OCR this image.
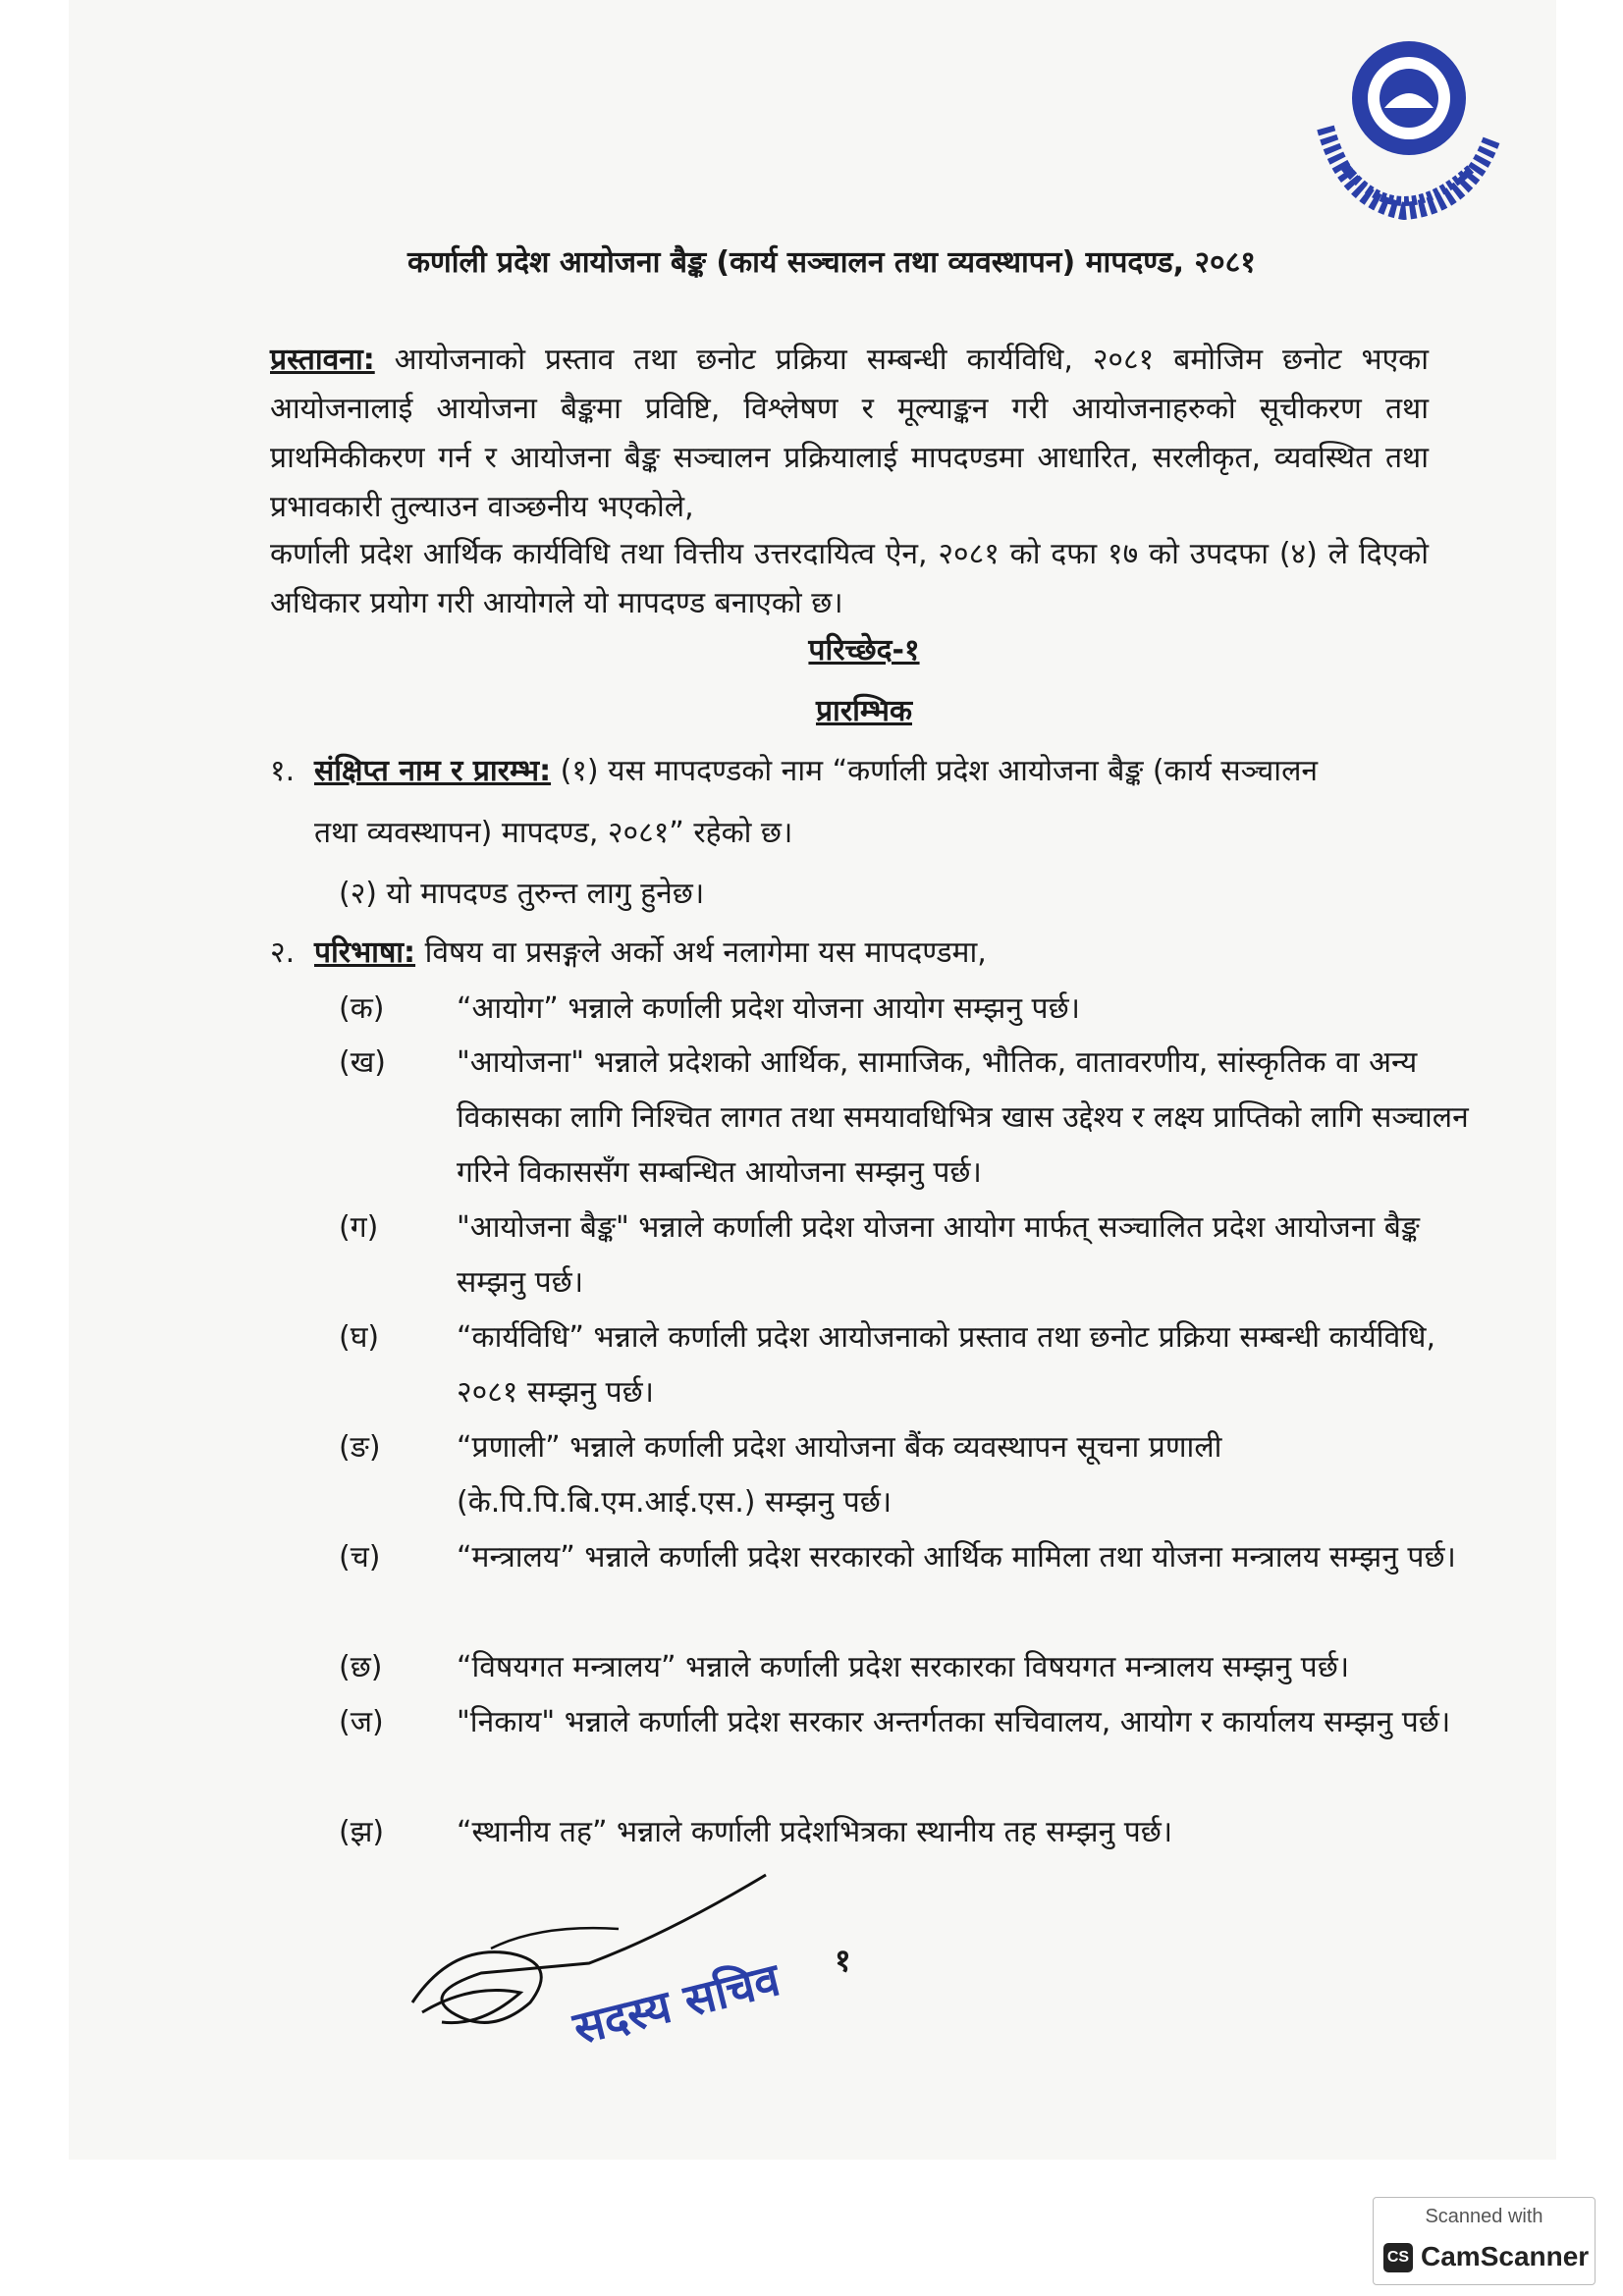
कर्णाली प्रदेश आयोजना बैङ्क (कार्य सञ्चालन तथा व्यवस्थापन) मापदण्ड, २०८१
प्रस्तावना: आयोजनाको प्रस्ताव तथा छनोट प्रक्रिया सम्बन्धी कार्यविधि, २०८१ बमोजिम छनोट भएका आयोजनालाई आयोजना बैङ्कमा प्रविष्टि, विश्लेषण र मूल्याङ्कन गरी आयोजनाहरुको सूचीकरण तथा प्राथमिकीकरण गर्न र आयोजना बैङ्क सञ्चालन प्रक्रियालाई मापदण्डमा आधारित, सरलीकृत, व्यवस्थित तथा प्रभावकारी तुल्याउन वाञ्छनीय भएकोले,
कर्णाली प्रदेश आर्थिक कार्यविधि तथा वित्तीय उत्तरदायित्व ऐन, २०८१ को दफा १७ को उपदफा (४) ले दिएको अधिकार प्रयोग गरी आयोगले यो मापदण्ड बनाएको छ।
परिच्छेद-१
प्रारम्भिक
१. संक्षिप्त नाम र प्रारम्भ: (१) यस मापदण्डको नाम “कर्णाली प्रदेश आयोजना बैङ्क (कार्य सञ्चालन
तथा व्यवस्थापन) मापदण्ड, २०८१” रहेको छ।
(२) यो मापदण्ड तुरुन्त लागु हुनेछ।
२. परिभाषा: विषय वा प्रसङ्गले अर्को अर्थ नलागेमा यस मापदण्डमा,
(क) “आयोग” भन्नाले कर्णाली प्रदेश योजना आयोग सम्झनु पर्छ।
(ख) "आयोजना" भन्नाले प्रदेशको आर्थिक, सामाजिक, भौतिक, वातावरणीय, सांस्कृतिक वा अन्य विकासका लागि निश्चित लागत तथा समयावधिभित्र खास उद्देश्य र लक्ष्य प्राप्तिको लागि सञ्चालन गरिने विकाससँग सम्बन्धित आयोजना सम्झनु पर्छ।
(ग)	"आयोजना बैङ्क" भन्नाले कर्णाली प्रदेश योजना आयोग मार्फत् सञ्चालित प्रदेश आयोजना बैङ्क सम्झनु पर्छ।
(घ)	“कार्यविधि” भन्नाले कर्णाली प्रदेश आयोजनाको प्रस्ताव तथा छनोट प्रक्रिया सम्बन्धी कार्यविधि, २०८१ सम्झनु पर्छ।
(ङ)	“प्रणाली” भन्नाले कर्णाली प्रदेश आयोजना बैंक व्यवस्थापन सूचना प्रणाली (के.पि.पि.बि.एम.आई.एस.) सम्झनु पर्छ।
(च)	“मन्त्रालय” भन्नाले कर्णाली प्रदेश सरकारको आर्थिक मामिला तथा योजना मन्त्रालय सम्झनु पर्छ।
(छ)	“विषयगत मन्त्रालय” भन्नाले कर्णाली प्रदेश सरकारका विषयगत मन्त्रालय सम्झनु पर्छ।
(ज) "निकाय" भन्नाले कर्णाली प्रदेश सरकार अन्तर्गतका सचिवालय, आयोग र कार्यालय सम्झनु पर्छ।
(झ) “स्थानीय तह” भन्नाले कर्णाली प्रदेशभित्रका स्थानीय तह सम्झनु पर्छ।
१
सदस्य सचिव
Scanned with
CS CamScanner
